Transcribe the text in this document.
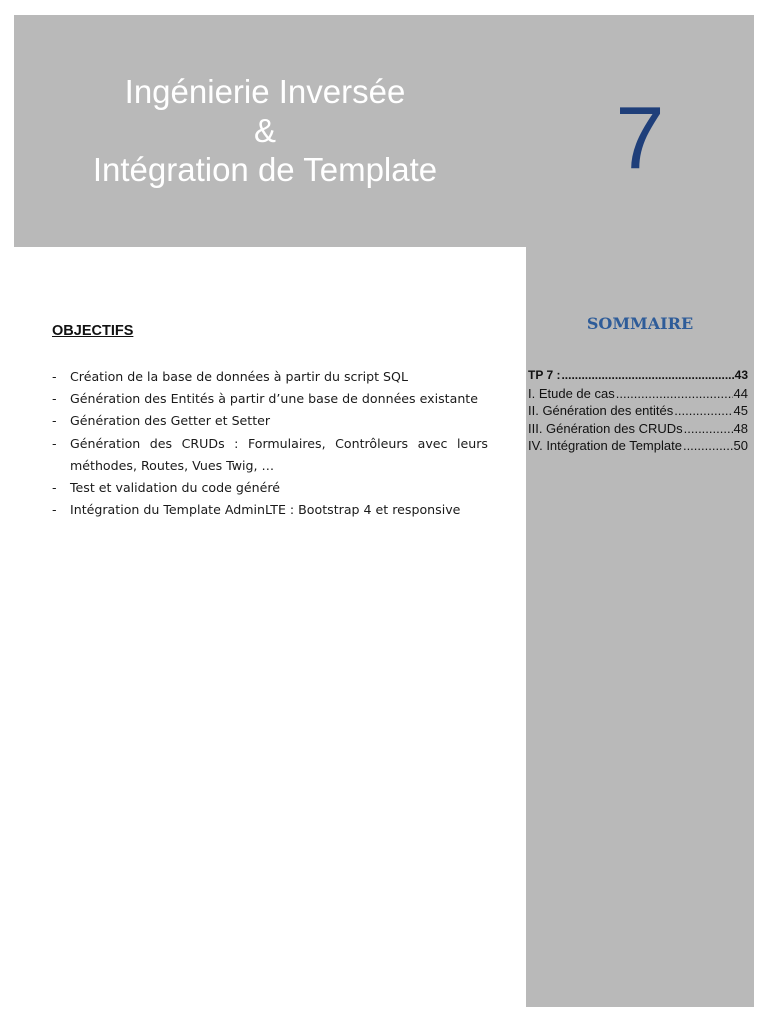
Ingénierie Inversée
&
Intégration de Template	7
OBJECTIFS
- Création de la base de données à partir du script SQL
- Génération des Entités à partir d’une base de données existante
- Génération des Getter et Setter
- Génération des CRUDs : Formulaires, Contrôleurs avec leurs méthodes, Routes, Vues Twig, …
- Test et validation du code généré
- Intégration du Template AdminLTE : Bootstrap 4 et responsive
SOMMAIRE
TP 7 : .....	43
I. Etude de cas .....	44
II. Génération des entités .....	45
III. Génération des CRUDs .....	48
IV. Intégration de Template .....	50
